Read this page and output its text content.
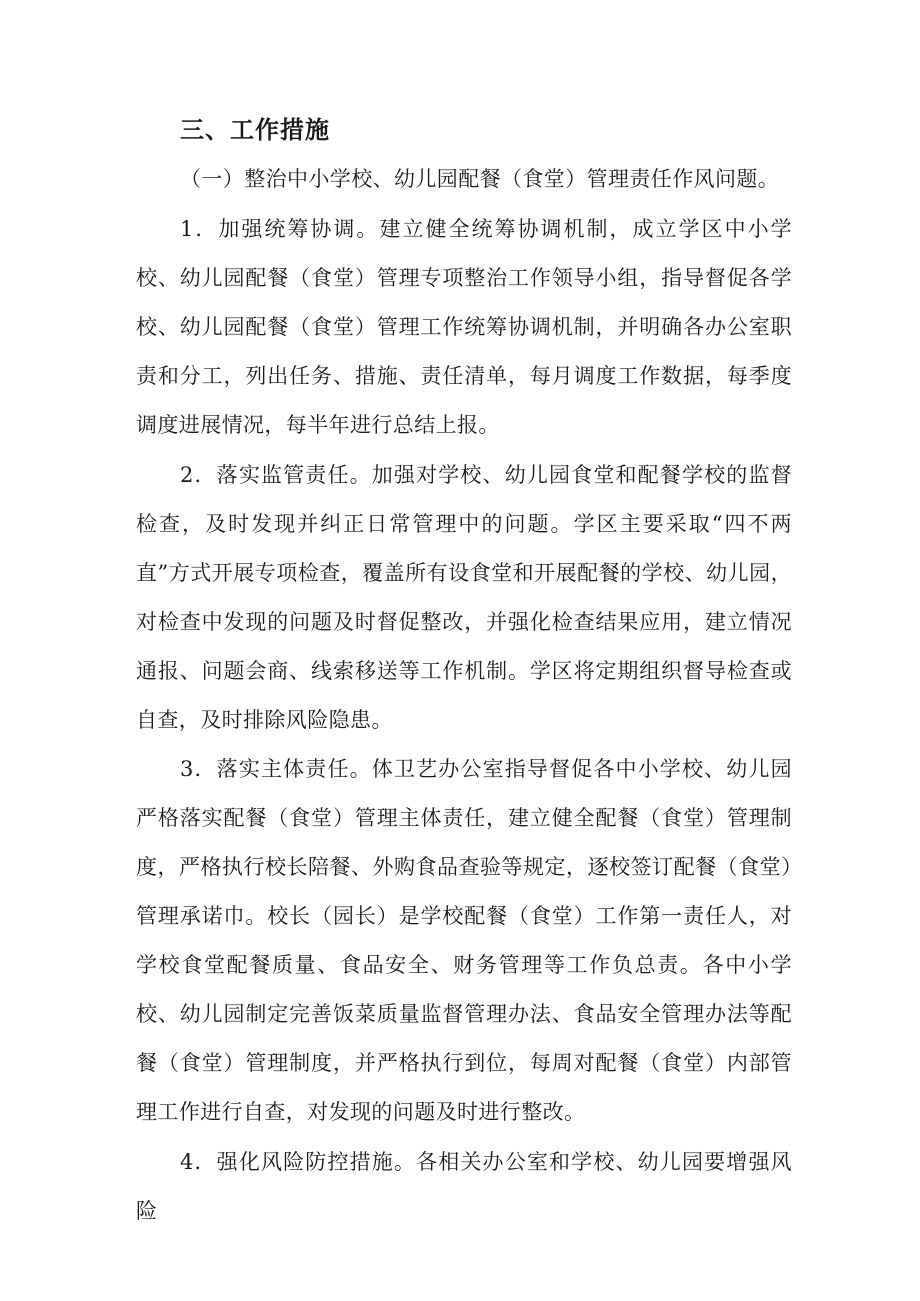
三、工作措施
（一）整治中小学校、幼儿园配餐（食堂）管理责任作风问题。
1．加强统筹协调。建立健全统筹协调机制，成立学区中小学校、幼儿园配餐（食堂）管理专项整治工作领导小组，指导督促各学校、幼儿园配餐（食堂）管理工作统筹协调机制，并明确各办公室职责和分工，列出任务、措施、责任清单，每月调度工作数据，每季度调度进展情况，每半年进行总结上报。
2．落实监管责任。加强对学校、幼儿园食堂和配餐学校的监督检查，及时发现并纠正日常管理中的问题。学区主要采取“四不两直”方式开展专项检查，覆盖所有设食堂和开展配餐的学校、幼儿园，对检查中发现的问题及时督促整改，并强化检查结果应用，建立情况通报、问题会商、线索移送等工作机制。学区将定期组织督导检查或自查，及时排除风险隐患。
3．落实主体责任。体卫艺办公室指导督促各中小学校、幼儿园严格落实配餐（食堂）管理主体责任，建立健全配餐（食堂）管理制度，严格执行校长陪餐、外购食品查验等规定，逐校签订配餐（食堂）管理承诺巾。校长（园长）是学校配餐（食堂）工作第一责任人，对学校食堂配餐质量、食品安全、财务管理等工作负总责。各中小学校、幼儿园制定完善饭菜质量监督管理办法、食品安全管理办法等配餐（食堂）管理制度，并严格执行到位，每周对配餐（食堂）内部管理工作进行自查，对发现的问题及时进行整改。
4．强化风险防控措施。各相关办公室和学校、幼儿园要增强风险
